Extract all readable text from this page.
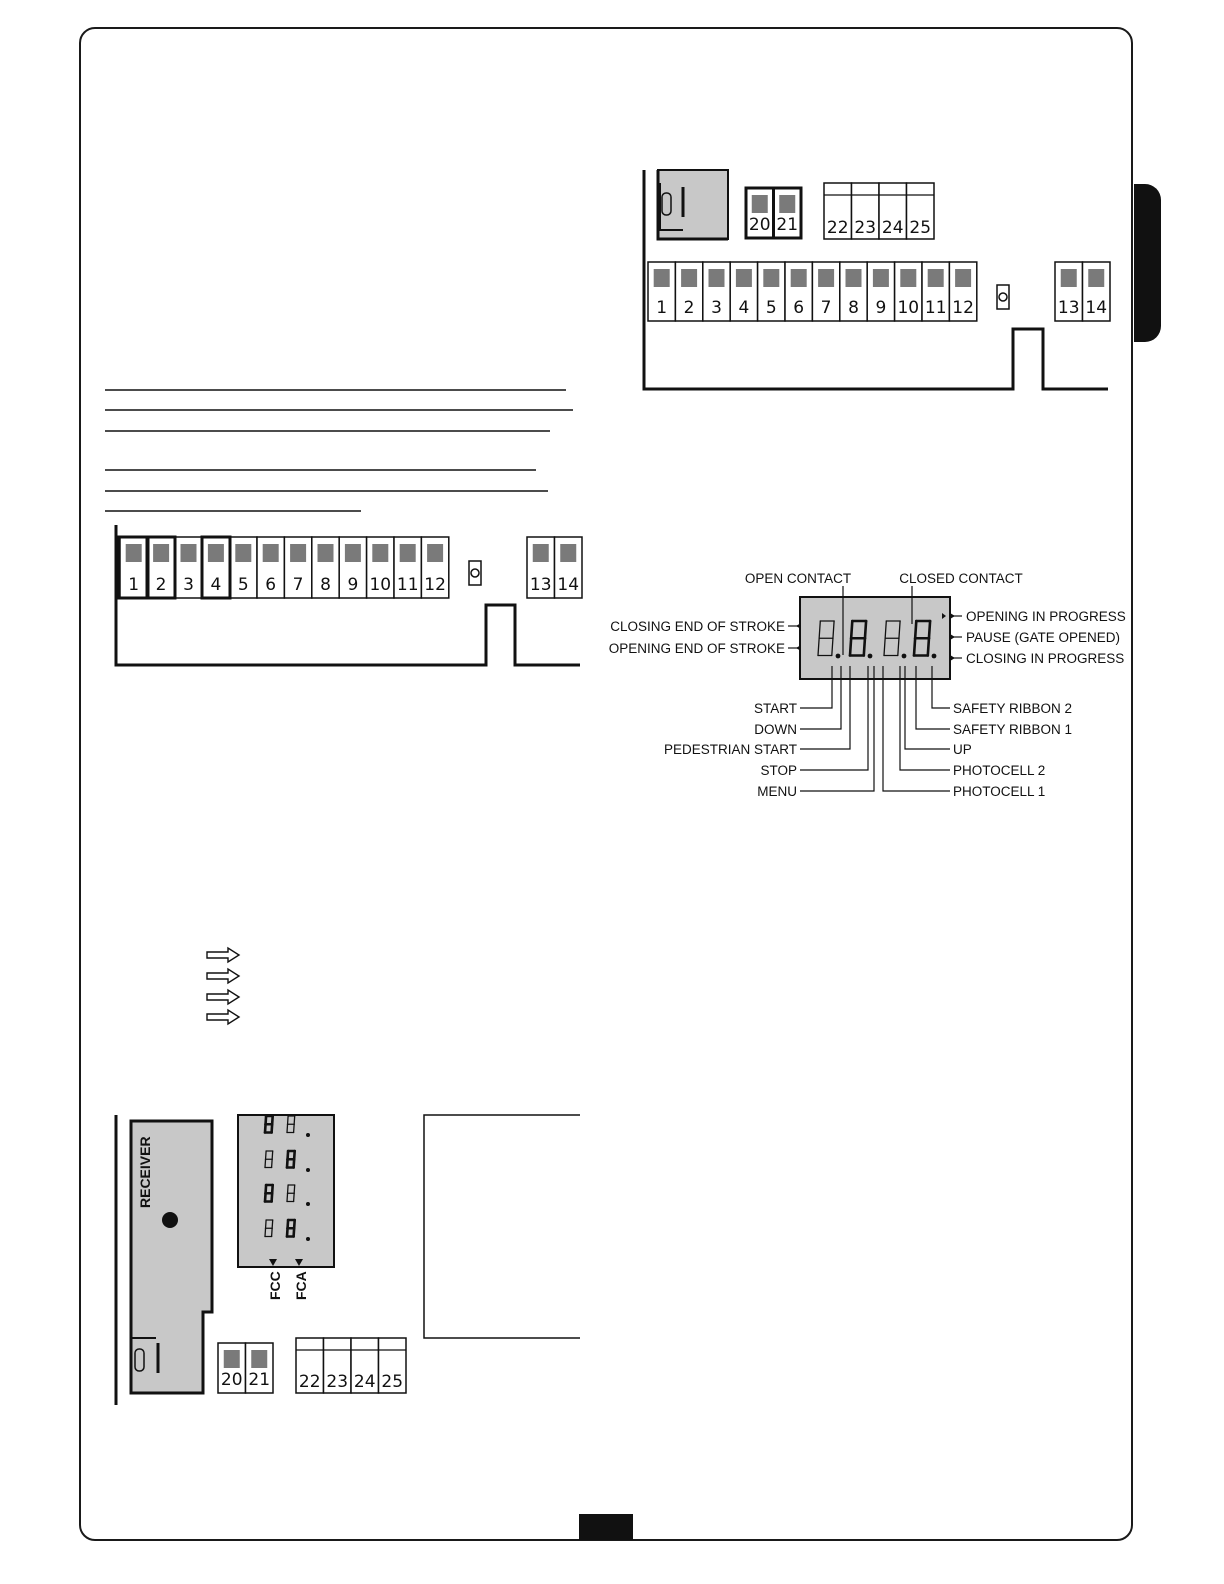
20 21 22 23 24 25
1 2 3 4 5 6 7 8 9 10 11 12	13 14
1 2 3 4 5 6 7 8 9 10 11 12	13 14	OPEN CONTACT	CLOSED CONTACT
CLOSING END OF STROKE
OPENING END OF STROKE
OPENING IN PROGRESS
PAUSE (GATE OPENED)
CLOSING IN PROGRESS
START
DOWN
PEDESTRIAN START
STOP
MENU
SAFETY RIBBON 2
SAFETY RIBBON 1
UP
PHOTOCELL 2
PHOTOCELL 1
RECEIVER
FCC FCA
20 21 22 23 24 25
